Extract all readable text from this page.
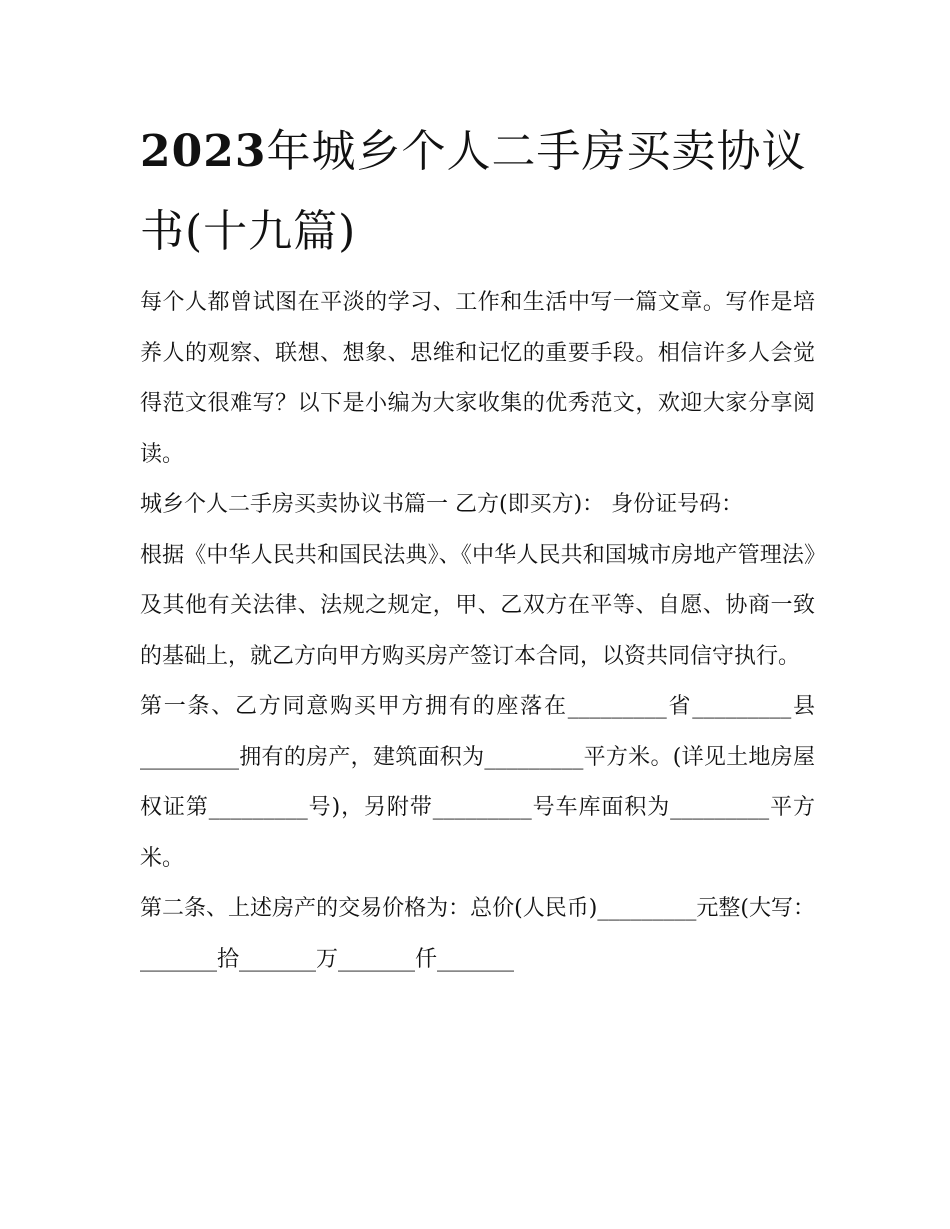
2023年城乡个人二手房买卖协议书(十九篇)

每个人都曾试图在平淡的学习、工作和生活中写一篇文章。写作是培养人的观察、联想、想象、思维和记忆的重要手段。相信许多人会觉得范文很难写？以下是小编为大家收集的优秀范文，欢迎大家分享阅读。

城乡个人二手房买卖协议书篇一 乙方(即买方)： 身份证号码：

根据《中华人民共和国民法典》、《中华人民共和国城市房地产管理法》及其他有关法律、法规之规定，甲、乙双方在平等、自愿、协商一致的基础上，就乙方向甲方购买房产签订本合同，以资共同信守执行。

第一条、乙方同意购买甲方拥有的座落在_________省_________县_________拥有的房产，建筑面积为_________平方米。(详见土地房屋权证第_________号)，另附带_________号车库面积为_________平方米。

第二条、上述房产的交易价格为：总价(人民币)_________元整(大写：_______拾_______万_______仟_______
